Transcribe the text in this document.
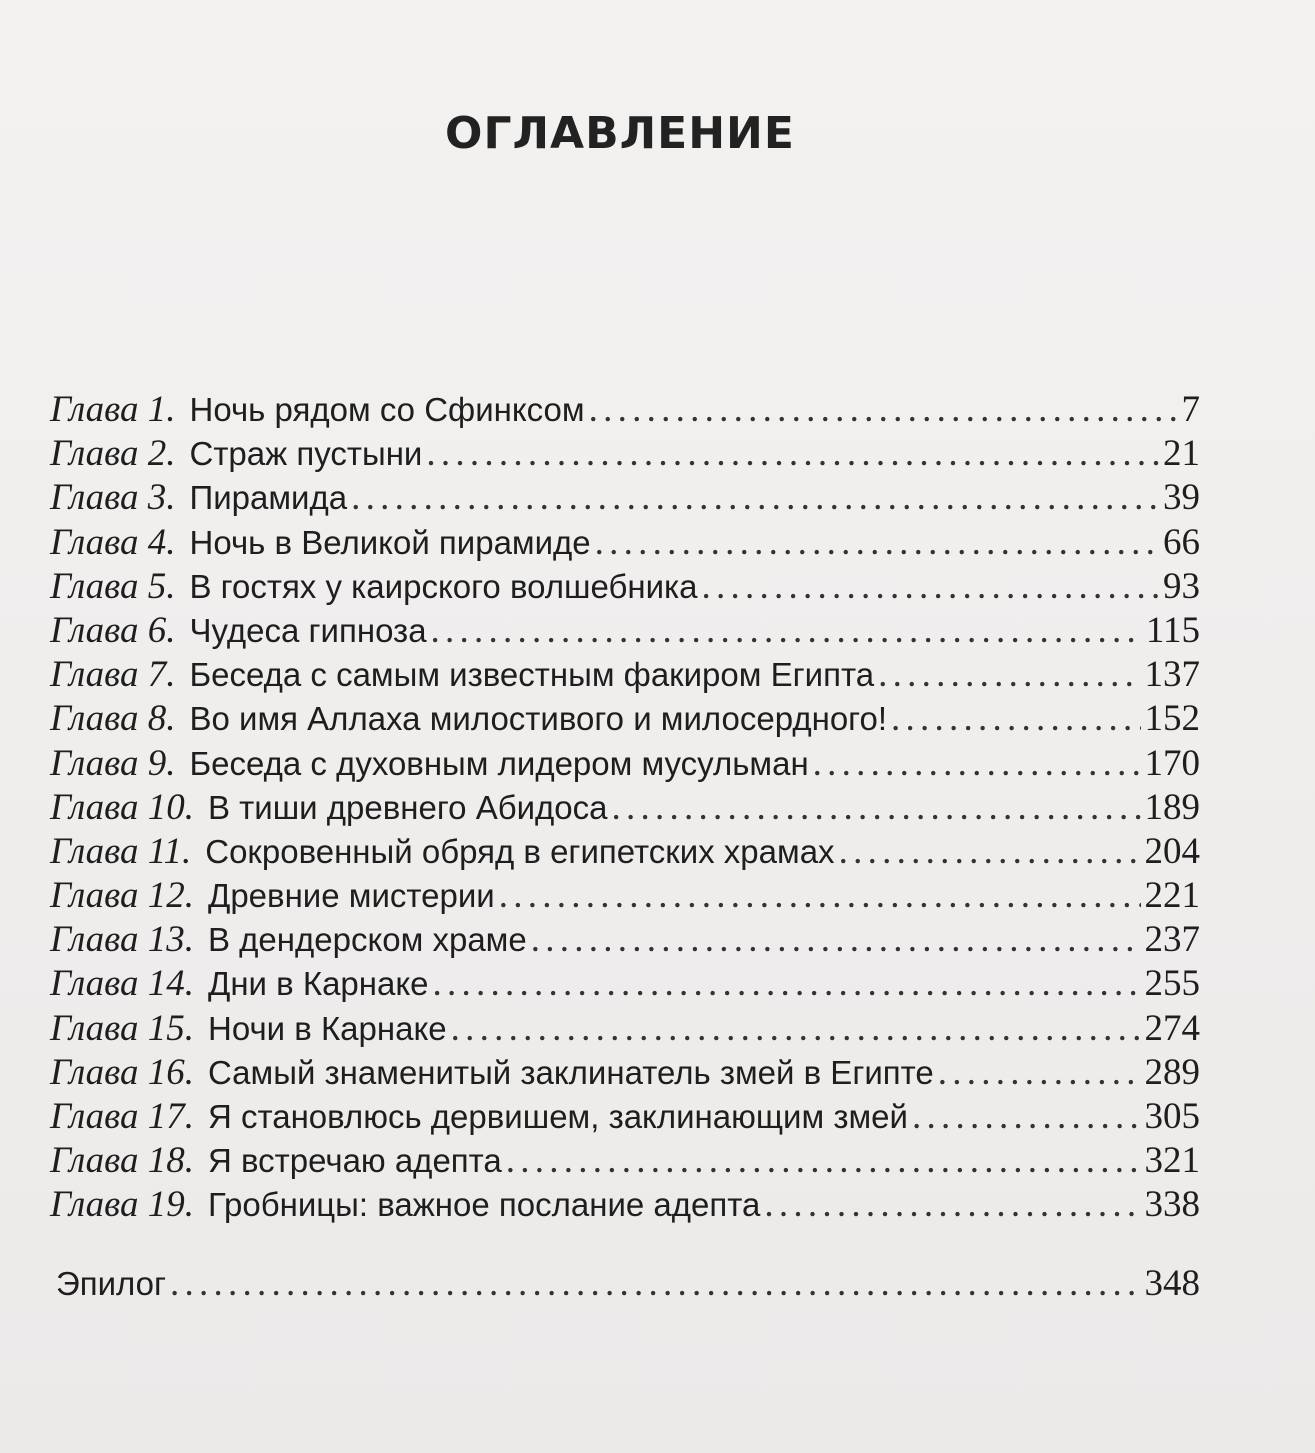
ОГЛАВЛЕНИЕ
Глава 1. Ночь рядом со Сфинксом . . .	7
Глава 2. Страж пустыни . . .	21
Глава 3. Пирамида . . .	39
Глава 4. Ночь в Великой пирамиде . . .	66
Глава 5. В гостях у каирского волшебника . . .	93
Глава 6. Чудеса гипноза . . .	115
Глава 7. Беседа с самым известным факиром Египта . . .	137
Глава 8. Во имя Аллаха милостивого и милосердного! . . .	152
Глава 9. Беседа с духовным лидером мусульман . . .	170
Глава 10. В тиши древнего Абидоса . . .	189
Глава 11. Сокровенный обряд в египетских храмах . . .	204
Глава 12. Древние мистерии . . .	221
Глава 13. В дендерском храме . . .	237
Глава 14. Дни в Карнаке . . .	255
Глава 15. Ночи в Карнаке . . .	274
Глава 16. Самый знаменитый заклинатель змей в Египте . . .	289
Глава 17. Я становлюсь дервишем, заклинающим змей . . .	305
Глава 18. Я встречаю адепта . . .	321
Глава 19. Гробницы: важное послание адепта . . .	338
Эпилог . . .	348
